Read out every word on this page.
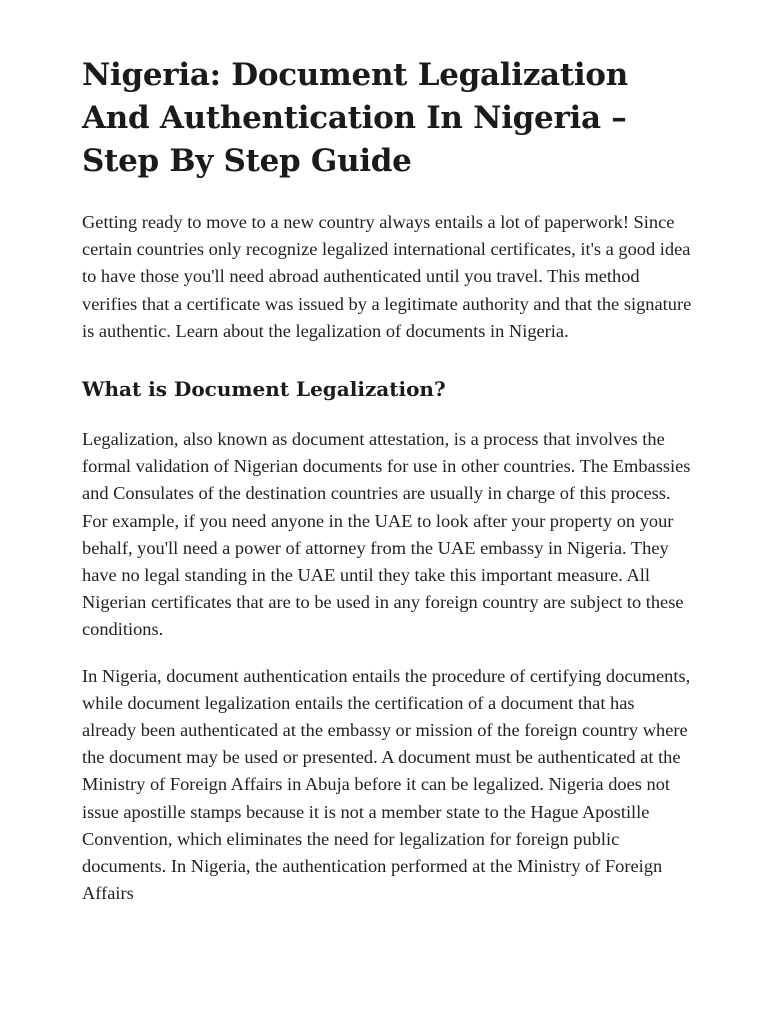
Nigeria: Document Legalization And Authentication In Nigeria – Step By Step Guide

Getting ready to move to a new country always entails a lot of paperwork! Since certain countries only recognize legalized international certificates, it's a good idea to have those you'll need abroad authenticated until you travel. This method verifies that a certificate was issued by a legitimate authority and that the signature is authentic. Learn about the legalization of documents in Nigeria.

What is Document Legalization?

Legalization, also known as document attestation, is a process that involves the formal validation of Nigerian documents for use in other countries. The Embassies and Consulates of the destination countries are usually in charge of this process. For example, if you need anyone in the UAE to look after your property on your behalf, you'll need a power of attorney from the UAE embassy in Nigeria. They have no legal standing in the UAE until they take this important measure. All Nigerian certificates that are to be used in any foreign country are subject to these conditions.

In Nigeria, document authentication entails the procedure of certifying documents, while document legalization entails the certification of a document that has already been authenticated at the embassy or mission of the foreign country where the document may be used or presented. A document must be authenticated at the Ministry of Foreign Affairs in Abuja before it can be legalized. Nigeria does not issue apostille stamps because it is not a member state to the Hague Apostille Convention, which eliminates the need for legalization for foreign public documents. In Nigeria, the authentication performed at the Ministry of Foreign Affairs
